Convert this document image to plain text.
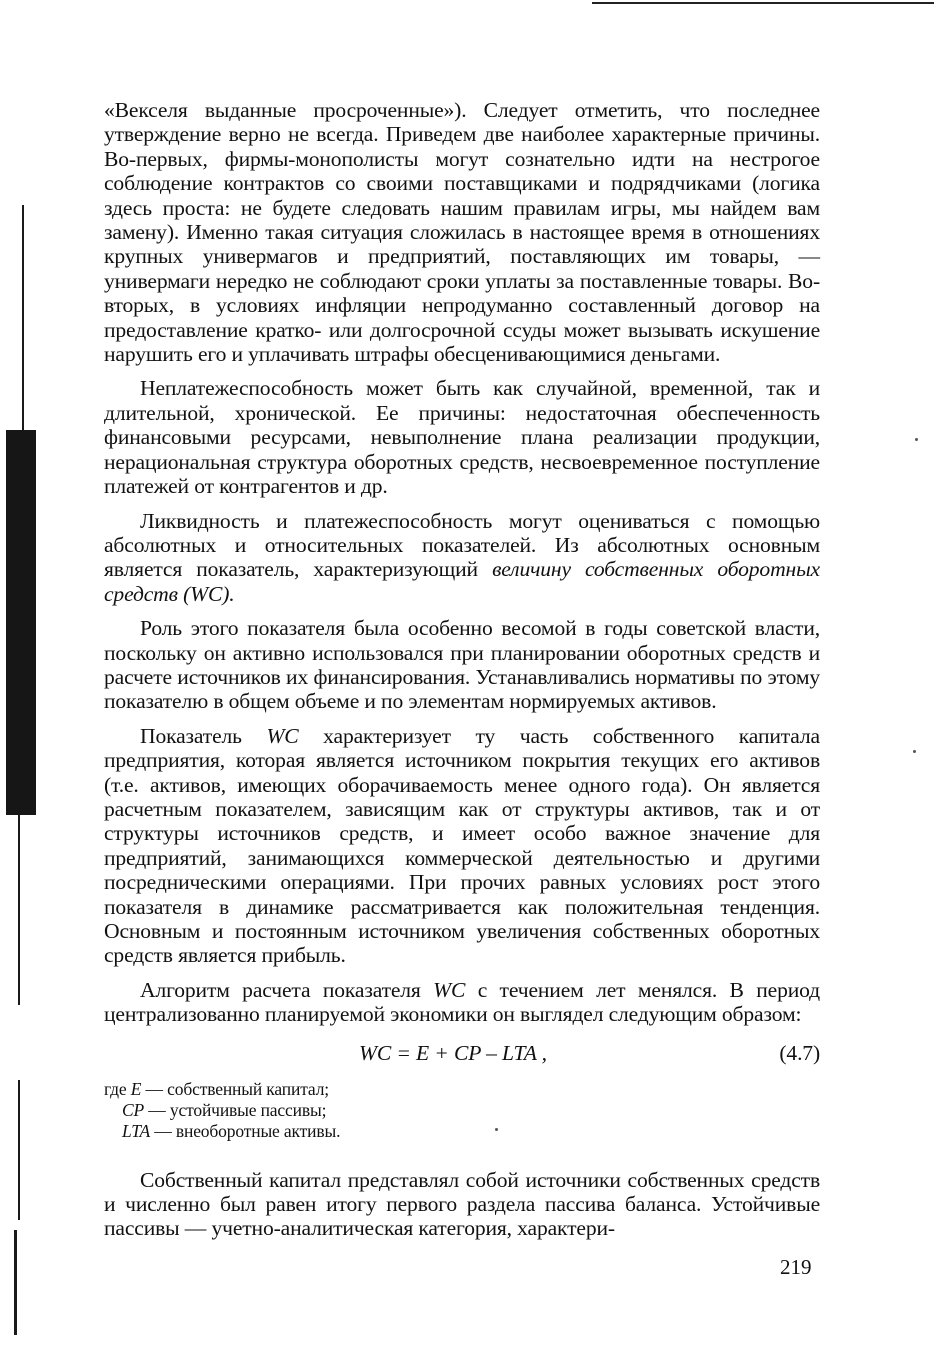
«Векселя выданные просроченные»). Следует отметить, что последнее утверждение верно не всегда. Приведем две наиболее характерные причины. Во-первых, фирмы-монополисты могут сознательно идти на нестрогое соблюдение контрактов со своими поставщиками и подрядчиками (логика здесь проста: не будете следовать нашим правилам игры, мы найдем вам замену). Именно такая ситуация сложилась в настоящее время в отношениях крупных универмагов и предприятий, поставляющих им товары, — универмаги нередко не соблюдают сроки уплаты за поставленные товары. Во-вторых, в условиях инфляции непродуманно составленный договор на предоставление кратко- или долгосрочной ссуды может вызывать искушение нарушить его и уплачивать штрафы обесценивающимися деньгами.

Неплатежеспособность может быть как случайной, временной, так и длительной, хронической. Ее причины: недостаточная обеспеченность финансовыми ресурсами, невыполнение плана реализации продукции, нерациональная структура оборотных средств, несвоевременное поступление платежей от контрагентов и др.

Ликвидность и платежеспособность могут оцениваться с помощью абсолютных и относительных показателей. Из абсолютных основным является показатель, характеризующий величину собственных оборотных средств (WC).

Роль этого показателя была особенно весомой в годы советской власти, поскольку он активно использовался при планировании оборотных средств и расчете источников их финансирования. Устанавливались нормативы по этому показателю в общем объеме и по элементам нормируемых активов.

Показатель WC характеризует ту часть собственного капитала предприятия, которая является источником покрытия текущих его активов (т.е. активов, имеющих оборачиваемость менее одного года). Он является расчетным показателем, зависящим как от структуры активов, так и от структуры источников средств, и имеет особо важное значение для предприятий, занимающихся коммерческой деятельностью и другими посредническими операциями. При прочих равных условиях рост этого показателя в динамике рассматривается как положительная тенденция. Основным и постоянным источником увеличения собственных оборотных средств является прибыль.

Алгоритм расчета показателя WC с течением лет менялся. В период централизованно планируемой экономики он выглядел следующим образом:

WC = E + CP – LTA ,	(4.7)
где E — собственный капитал;
CP — устойчивые пассивы;
LTA — внеоборотные активы.

Собственный капитал представлял собой источники собственных средств и численно был равен итогу первого раздела пассива баланса. Устойчивые пассивы — учетно-аналитическая категория, характери-

219
